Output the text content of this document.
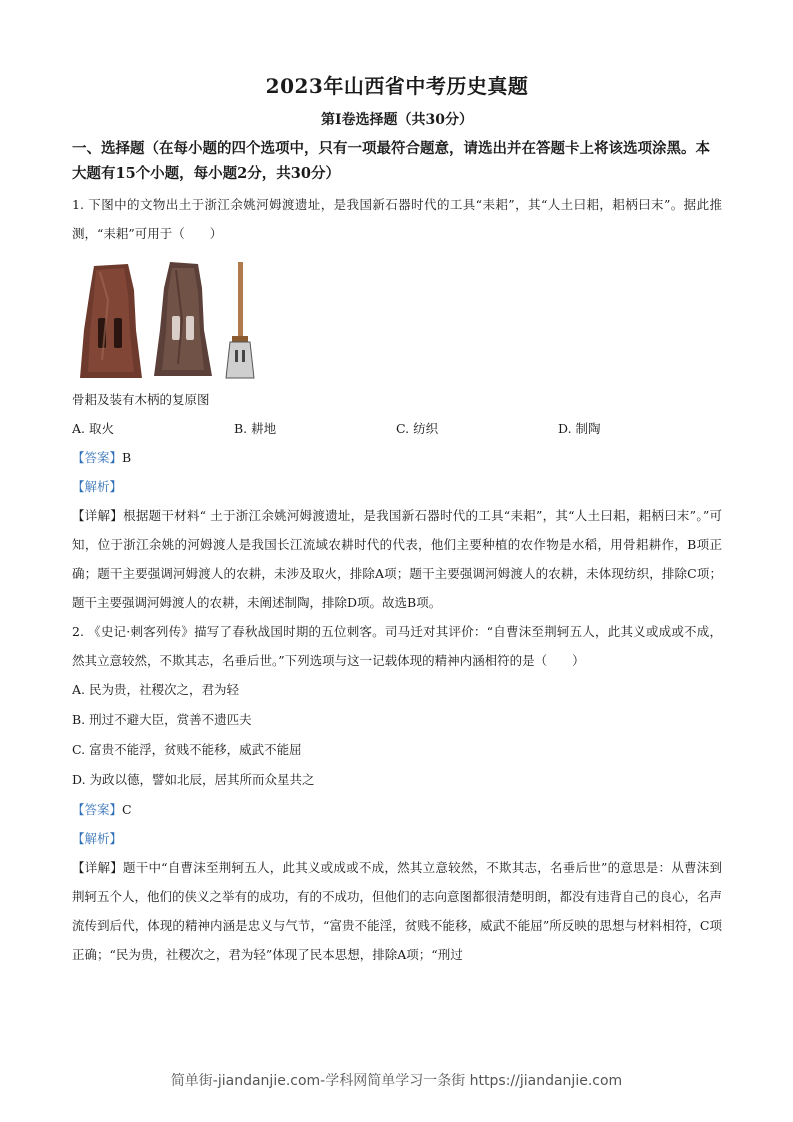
2023年山西省中考历史真题
第I卷选择题（共30分）
一、选择题（在每小题的四个选项中，只有一项最符合题意，请选出并在答题卡上将该选项涂黑。本大题有15个小题，每小题2分，共30分）

1. 下图中的文物出土于浙江余姚河姆渡遗址，是我国新石器时代的工具“耒耜”，其“人土曰耜，耜柄曰末”。据此推测，“耒耜”可用于（　　）

骨耜及装有木柄的复原图

A. 取火	B. 耕地	C. 纺织	D. 制陶

【答案】B

【解析】

【详解】根据题干材料“ 土于浙江余姚河姆渡遗址，是我国新石器时代的工具“耒耜”，其“人土曰耜，耜柄曰末”。”可知，位于浙江余姚的河姆渡人是我国长江流域农耕时代的代表，他们主要种植的农作物是水稻，用骨耜耕作，B项正确；题干主要强调河姆渡人的农耕，未涉及取火，排除A项；题干主要强调河姆渡人的农耕，未体现纺织，排除C项；题干主要强调河姆渡人的农耕，未阐述制陶，排除D项。故选B项。

2. 《史记·刺客列传》描写了春秋战国时期的五位刺客。司马迁对其评价：“自曹沫至荆轲五人，此其义或成或不成，然其立意较然，不欺其志，名垂后世。”下列选项与这一记载体现的精神内涵相符的是（　　）

A. 民为贵，社稷次之，君为轻

B. 刑过不避大臣，赏善不遗匹夫

C. 富贵不能浮，贫贱不能移，威武不能屈

D. 为政以德，譬如北辰，居其所而众星共之

【答案】C

【解析】

【详解】题干中“自曹沫至荆轲五人，此其义或成或不成，然其立意较然，不欺其志，名垂后世”的意思是：从曹沫到荆轲五个人，他们的侠义之举有的成功，有的不成功，但他们的志向意图都很清楚明朗，都没有违背自己的良心，名声流传到后代，体现的精神内涵是忠义与气节，“富贵不能淫，贫贱不能移，威武不能屈”所反映的思想与材料相符，C项正确；“民为贵，社稷次之，君为轻”体现了民本思想，排除A项；“刑过

简单街-jiandanjie.com-学科网简单学习一条街 https://jiandanjie.com
